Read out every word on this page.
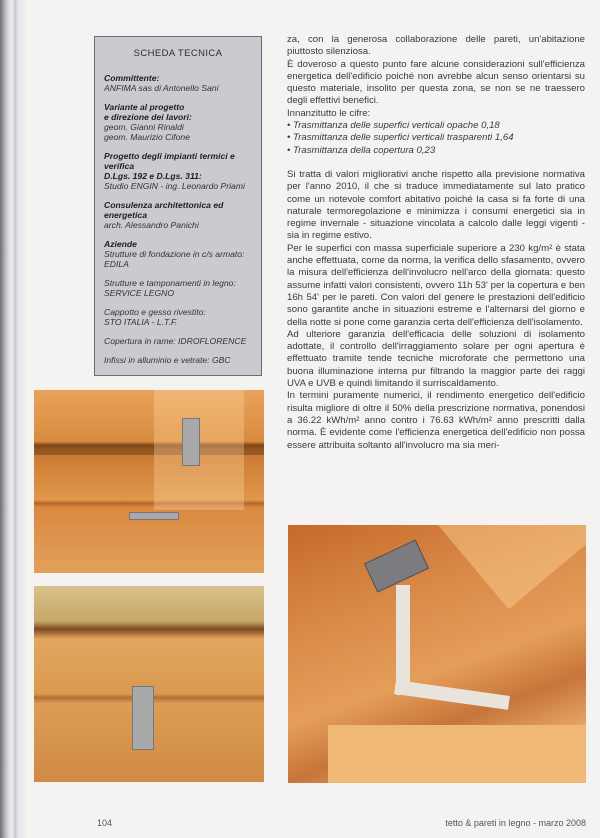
SCHEDA TECNICA
Committente:
ANFIMA sas di Antonello Sani
Variante al progetto
e direzione dei lavori:
geom. Gianni Rinaldi
geom. Maurizio Cifone
Progetto degli impianti termici e verifica
D.Lgs. 192 e D.Lgs. 311:
Studio ENGIN - ing. Leonardo Priami
Consulenza architettonica ed energetica
arch. Alessandro Panichi
Aziende
Strutture di fondazione in c/s armato:
EDILA
Strutture e tamponamenti in legno:
SERVICE LEGNO
Cappotto e gesso rivestito:
STO ITALIA - L.T.F.
Copertura in rame: IDROFLORENCE
Infissi in alluminio e vetrate: GBC

za, con la generosa collaborazione delle pareti, un'abitazione piuttosto silenziosa.

È doveroso a questo punto fare alcune considerazioni sull'efficienza energetica dell'edificio poiché non avrebbe alcun senso orientarsi su questo materiale, insolito per questa zona, se non se ne traessero degli effettivi benefici.

Innanzitutto le cifre:

• Trasmittanza delle superfici verticali opache 0,18
• Trasmittanza delle superfici verticali trasparenti 1,64
• Trasmittanza della copertura 0,23

Si tratta di valori migliorativi anche rispetto alla previsione normativa per l'anno 2010, il che si traduce immediatamente sul lato pratico come un notevole comfort abitativo poiché la casa si fa forte di una naturale termoregolazione e minimizza i consumi energetici sia in regime invernale - situazione vincolata a calcolo dalle leggi vigenti - sia in regime estivo.

Per le superfici con massa superficiale superiore a 230 kg/m² è stata anche effettuata, come da norma, la verifica dello sfasamento, ovvero la misura dell'efficienza dell'involucro nell'arco della giornata: questo assume infatti valori consistenti, ovvero 11h 53' per la copertura e ben 16h 54' per le pareti. Con valori del genere le prestazioni dell'edificio sono garantite anche in situazioni estreme e l'alternarsi del giorno e della notte si pone come garanzia certa dell'efficienza dell'isolamento.

Ad ulteriore garanzia dell'efficacia delle soluzioni di isolamento adottate, il controllo dell'irraggiamento solare per ogni apertura è effettuato tramite tende tecniche microforate che permettono una buona illuminazione interna pur filtrando la maggior parte dei raggi UVA e UVB e quindi limitando il surriscaldamento.

In termini puramente numerici, il rendimento energetico dell'edificio risulta migliore di oltre il 50% della prescrizione normativa, ponendosi a 36.22 kWh/m² anno contro i 76.63 kWh/m² anno prescritti dalla norma. È evidente come l'efficienza energetica dell'edificio non possa essere attribuita soltanto all'involucro ma sia meri-

104	tetto & pareti in legno - marzo 2008
